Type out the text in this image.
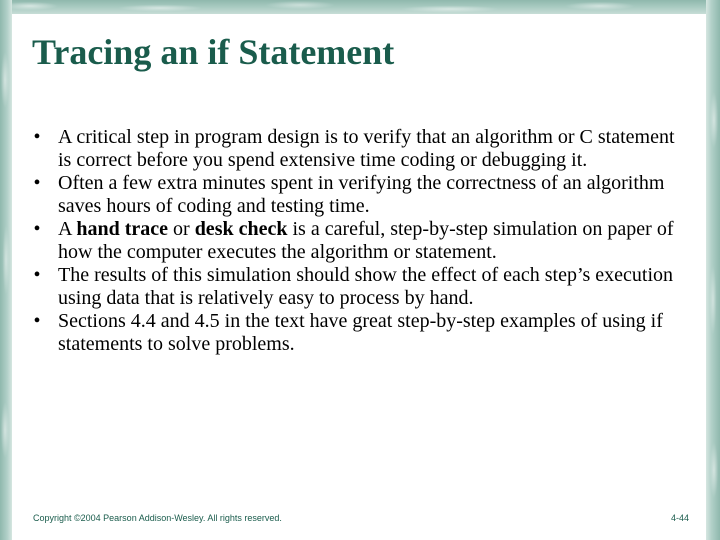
Tracing an if Statement
• A critical step in program design is to verify that an algorithm or C statement is correct before you spend extensive time coding or debugging it.
• Often a few extra minutes spent in verifying the correctness of an algorithm saves hours of coding and testing time.
• A hand trace or desk check is a careful, step-by-step simulation on paper of how the computer executes the algorithm or statement.
• The results of this simulation should show the effect of each step’s execution using data that is relatively easy to process by hand.
• Sections 4.4 and 4.5 in the text have great step-by-step examples of using if statements to solve problems.
Copyright ©2004 Pearson Addison-Wesley. All rights reserved.	4-44
